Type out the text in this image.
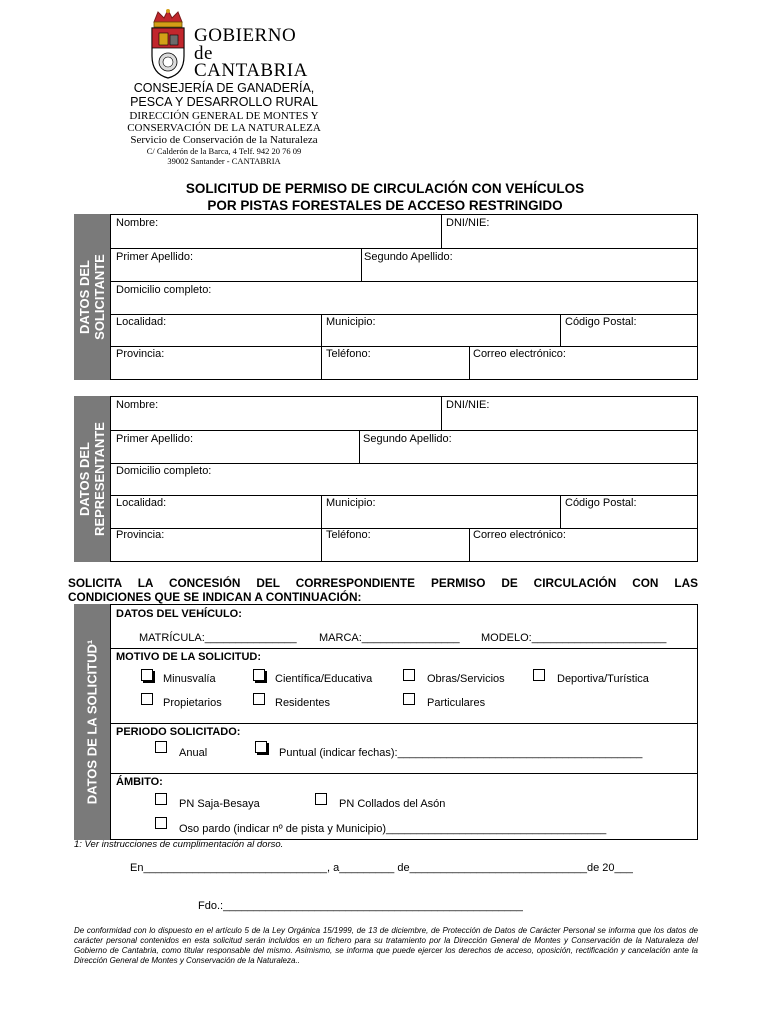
GOBIERNO
de
CANTABRIA
CONSEJERÍA DE GANADERÍA,
PESCA Y DESARROLLO RURAL
DIRECCIÓN GENERAL DE MONTES Y
CONSERVACIÓN DE LA NATURALEZA
Servicio de Conservación de la Naturaleza
C/ Calderón de la Barca, 4 Telf. 942 20 76 09
39002 Santander - CANTABRIA
SOLICITUD DE PERMISO DE CIRCULACIÓN CON VEHÍCULOS
POR PISTAS FORESTALES DE ACCESO RESTRINGIDO
DATOS DEL SOLICITANTE
Nombre:	DNI/NIE:
Primer Apellido:	Segundo Apellido:
Domicilio completo:
Localidad:	Municipio:	Código Postal:
Provincia:	Teléfono:	Correo electrónico:
DATOS DEL REPRESENTANTE
Nombre:	DNI/NIE:
Primer Apellido:	Segundo Apellido:
Domicilio completo:
Localidad:	Municipio:	Código Postal:
Provincia:	Teléfono:	Correo electrónico:
SOLICITA LA CONCESIÓN DEL CORRESPONDIENTE PERMISO DE CIRCULACIÓN CON LAS
CONDICIONES QUE SE INDICAN A CONTINUACIÓN:
DATOS DE LA SOLICITUD¹
DATOS DEL VEHÍCULO:
MATRÍCULA:_______________ MARCA:________________ MODELO:______________________
MOTIVO DE LA SOLICITUD:
Minusvalía	Científica/Educativa	Obras/Servicios	Deportiva/Turística
Propietarios	Residentes	Particulares
PERIODO SOLICITADO:
Anual	Puntual (indicar fechas):________________________________________
ÁMBITO:
PN Saja-Besaya	PN Collados del Asón
Oso pardo (indicar nº de pista y Municipio)____________________________________
1: Ver instrucciones de cumplimentación al dorso.
En______________________________, a_________ de_____________________________de 20___
Fdo.:_________________________________________________
De conformidad con lo dispuesto en el artículo 5 de la Ley Orgánica 15/1999, de 13 de diciembre, de Protección de Datos de Carácter Personal se informa que los datos de carácter personal contenidos en esta solicitud serán incluidos en un fichero para su tratamiento por la Dirección General de Montes y Conservación de la Naturaleza del Gobierno de Cantabria, como titular responsable del mismo. Asimismo, se informa que puede ejercer los derechos de acceso, oposición, rectificación y cancelación ante la Dirección General de Montes y Conservación de la Naturaleza..
